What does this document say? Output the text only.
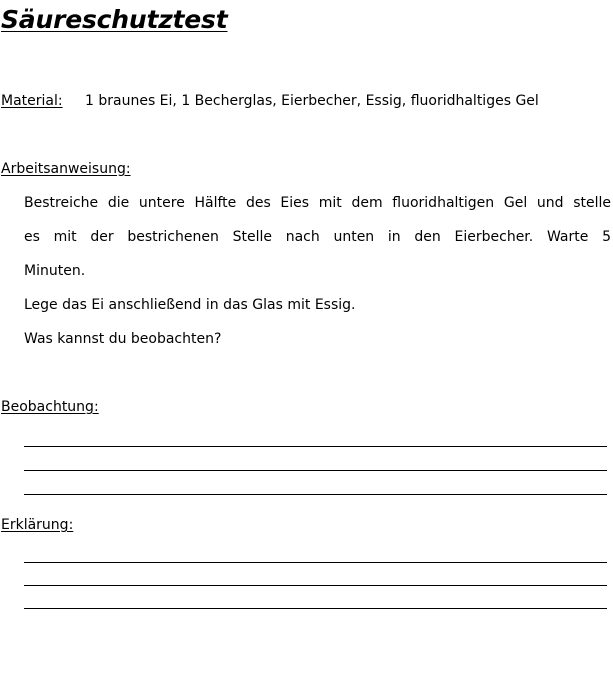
Säureschutztest
Material: 1 braunes Ei, 1 Becherglas, Eierbecher, Essig, fluoridhaltiges Gel
Arbeitsanweisung:
Bestreiche die untere Hälfte des Eies mit dem fluoridhaltigen Gel und stelle
es mit der bestrichenen Stelle nach unten in den Eierbecher. Warte 5
Minuten.
Lege das Ei anschließend in das Glas mit Essig.
Was kannst du beobachten?
Beobachtung:
Erklärung:
